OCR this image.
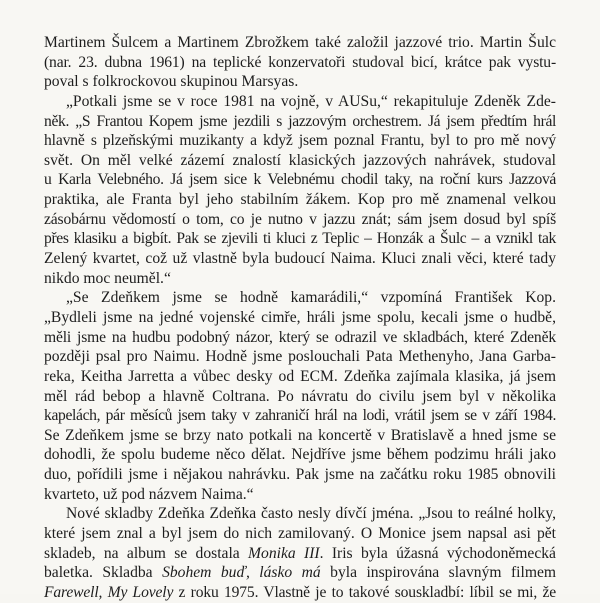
Martinem Šulcem a Martinem Zbrožkem také založil jazzové trio. Martin Šulc
(nar. 23. dubna 1961) na teplické konzervatoři studoval bicí, krátce pak vystu-
poval s folkrockovou skupinou Marsyas.
„Potkali jsme se v roce 1981 na vojně, v AUSu,“ rekapituluje Zdeněk Zde-
něk. „S Frantou Kopem jsme jezdili s jazzovým orchestrem. Já jsem předtím hrál
hlavně s plzeňskými muzikanty a když jsem poznal Frantu, byl to pro mě nový
svět. On měl velké zázemí znalostí klasických jazzových nahrávek, studoval
u Karla Velebného. Já jsem sice k Velebnému chodil taky, na roční kurs Jazzová
praktika, ale Franta byl jeho stabilním žákem. Kop pro mě znamenal velkou
zásobárnu vědomostí o tom, co je nutno v jazzu znát; sám jsem dosud byl spíš
přes klasiku a bigbít. Pak se zjevili ti kluci z Teplic – Honzák a Šulc – a vznikl tak
Zelený kvartet, což už vlastně byla budoucí Naima. Kluci znali věci, které tady
nikdo moc neuměl.“
„Se Zdeňkem jsme se hodně kamarádili,“ vzpomíná František Kop.
„Bydleli jsme na jedné vojenské cimře, hráli jsme spolu, kecali jsme o hudbě,
měli jsme na hudbu podobný názor, který se odrazil ve skladbách, které Zdeněk
později psal pro Naimu. Hodně jsme poslouchali Pata Methenyho, Jana Garba-
reka, Keitha Jarretta a vůbec desky od ECM. Zdeňka zajímala klasika, já jsem
měl rád bebop a hlavně Coltrana. Po návratu do civilu jsem byl v několika
kapelách, pár měsíců jsem taky v zahraničí hrál na lodi, vrátil jsem se v září 1984.
Se Zdeňkem jsme se brzy nato potkali na koncertě v Bratislavě a hned jsme se
dohodli, že spolu budeme něco dělat. Nejdříve jsme během podzimu hráli jako
duo, pořídili jsme i nějakou nahrávku. Pak jsme na začátku roku 1985 obnovili
kvarteto, už pod názvem Naima.“
Nové skladby Zdeňka Zdeňka často nesly dívčí jména. „Jsou to reálné holky,
které jsem znal a byl jsem do nich zamilovaný. O Monice jsem napsal asi pět
skladeb, na album se dostala Monika III. Iris byla úžasná východoněmecká
baletka. Skladba Sbohem buď, lásko má byla inspirována slavným filmem
Farewell, My Lovely z roku 1975. Vlastně je to takové souskladbí: líbil se mi, že
